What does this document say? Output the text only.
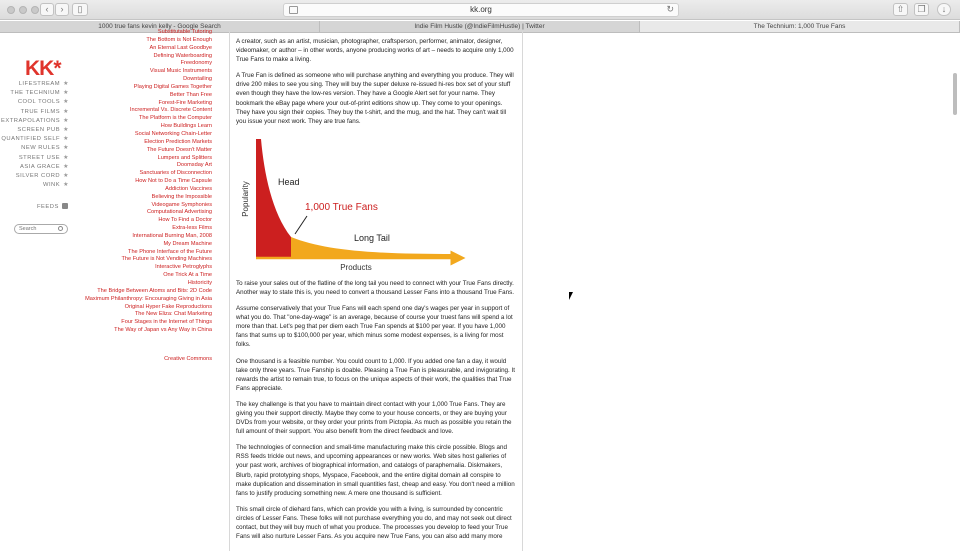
‹	›	▯	kk.org	↻	⇧	❐	↓
1000 true fans kevin kelly - Google Search	Indie Film Hustle (@IndieFilmHustle) | Twitter	The Technium: 1,000 True Fans
KK*
LIFESTREAM ★
THE TECHNIUM ★
COOL TOOLS ★
TRUE FILMS ★
EXTRAPOLATIONS ★
SCREEN PUB ★
QUANTIFIED SELF ★
NEW RULES ★
STREET USE ★
ASIA GRACE ★
SILVER CORD ★
WINK ★
FEEDS
Search
Substitutable Tutoring
The Bottom is Not Enough
An Eternal Last Goodbye
Defining Waterboarding
Freedonomy
Visual Music Instruments
Downtailing
Playing Digital Games Together
Better Than Free
Forest-Fire Marketing
Incremental Vs. Discrete Content
The Platform is the Computer
How Buildings Learn
Social Networking Chain-Letter
Election Prediction Markets
The Future Doesn't Matter
Lumpers and Splitters
Doomsday Art
Sanctuaries of Disconnection
How Not to Do a Time Capsule
Addiction Vaccines
Believing the Impossible
Videogame Symphonies
Computational Advertising
How To Find a Doctor
Extra-less Films
International Burning Man, 2008
My Dream Machine
The Phone Interface of the Future
The Future is Not Vending Machines
Interactive Petroglyphs
One Trick At a Time
Historicity
The Bridge Between Atoms and Bits: 2D Code
Maximum Philanthropy: Encouraging Giving in Asia
Original Hyper Fake Reproductions
The New Eliza: Chat Marketing
Four Stages in the Internet of Things
The Way of Japan vs Any Way in China
Creative Commons
A creator, such as an artist, musician, photographer, craftsperson, performer, animator, designer, videomaker, or author – in other words, anyone producing works of art – needs to acquire only 1,000 True Fans to make a living.
A True Fan is defined as someone who will purchase anything and everything you produce. They will drive 200 miles to see you sing. They will buy the super deluxe re-issued hi-res box set of your stuff even though they have the low-res version. They have a Google Alert set for your name. They bookmark the eBay page where your out-of-print editions show up. They come to your openings. They have you sign their copies. They buy the t-shirt, and the mug, and the hat. They can't wait till you issue your next work. They are true fans.
Popularity
Products
Head
1,000 True Fans
Long Tail
To raise your sales out of the flatline of the long tail you need to connect with your True Fans directly. Another way to state this is, you need to convert a thousand Lesser Fans into a thousand True Fans.
Assume conservatively that your True Fans will each spend one day's wages per year in support of what you do. That "one-day-wage" is an average, because of course your truest fans will spend a lot more than that. Let's peg that per diem each True Fan spends at $100 per year. If you have 1,000 fans that sums up to $100,000 per year, which minus some modest expenses, is a living for most folks.
One thousand is a feasible number. You could count to 1,000. If you added one fan a day, it would take only three years. True Fanship is doable. Pleasing a True Fan is pleasurable, and invigorating. It rewards the artist to remain true, to focus on the unique aspects of their work, the qualities that True Fans appreciate.
The key challenge is that you have to maintain direct contact with your 1,000 True Fans. They are giving you their support directly. Maybe they come to your house concerts, or they are buying your DVDs from your website, or they order your prints from Pictopia. As much as possible you retain the full amount of their support. You also benefit from the direct feedback and love.
The technologies of connection and small-time manufacturing make this circle possible. Blogs and RSS feeds trickle out news, and upcoming appearances or new works. Web sites host galleries of your past work, archives of biographical information, and catalogs of paraphernalia. Diskmakers, Blurb, rapid prototyping shops, Myspace, Facebook, and the entire digital domain all conspire to make duplication and dissemination in small quantities fast, cheap and easy. You don't need a million fans to justify producing something new. A mere one thousand is sufficient.
This small circle of diehard fans, which can provide you with a living, is surrounded by concentric circles of Lesser Fans. These folks will not purchase everything you do, and may not seek out direct contact, but they will buy much of what you produce. The processes you develop to feed your True Fans will also nurture Lesser Fans. As you acquire new True Fans, you can also add many more
